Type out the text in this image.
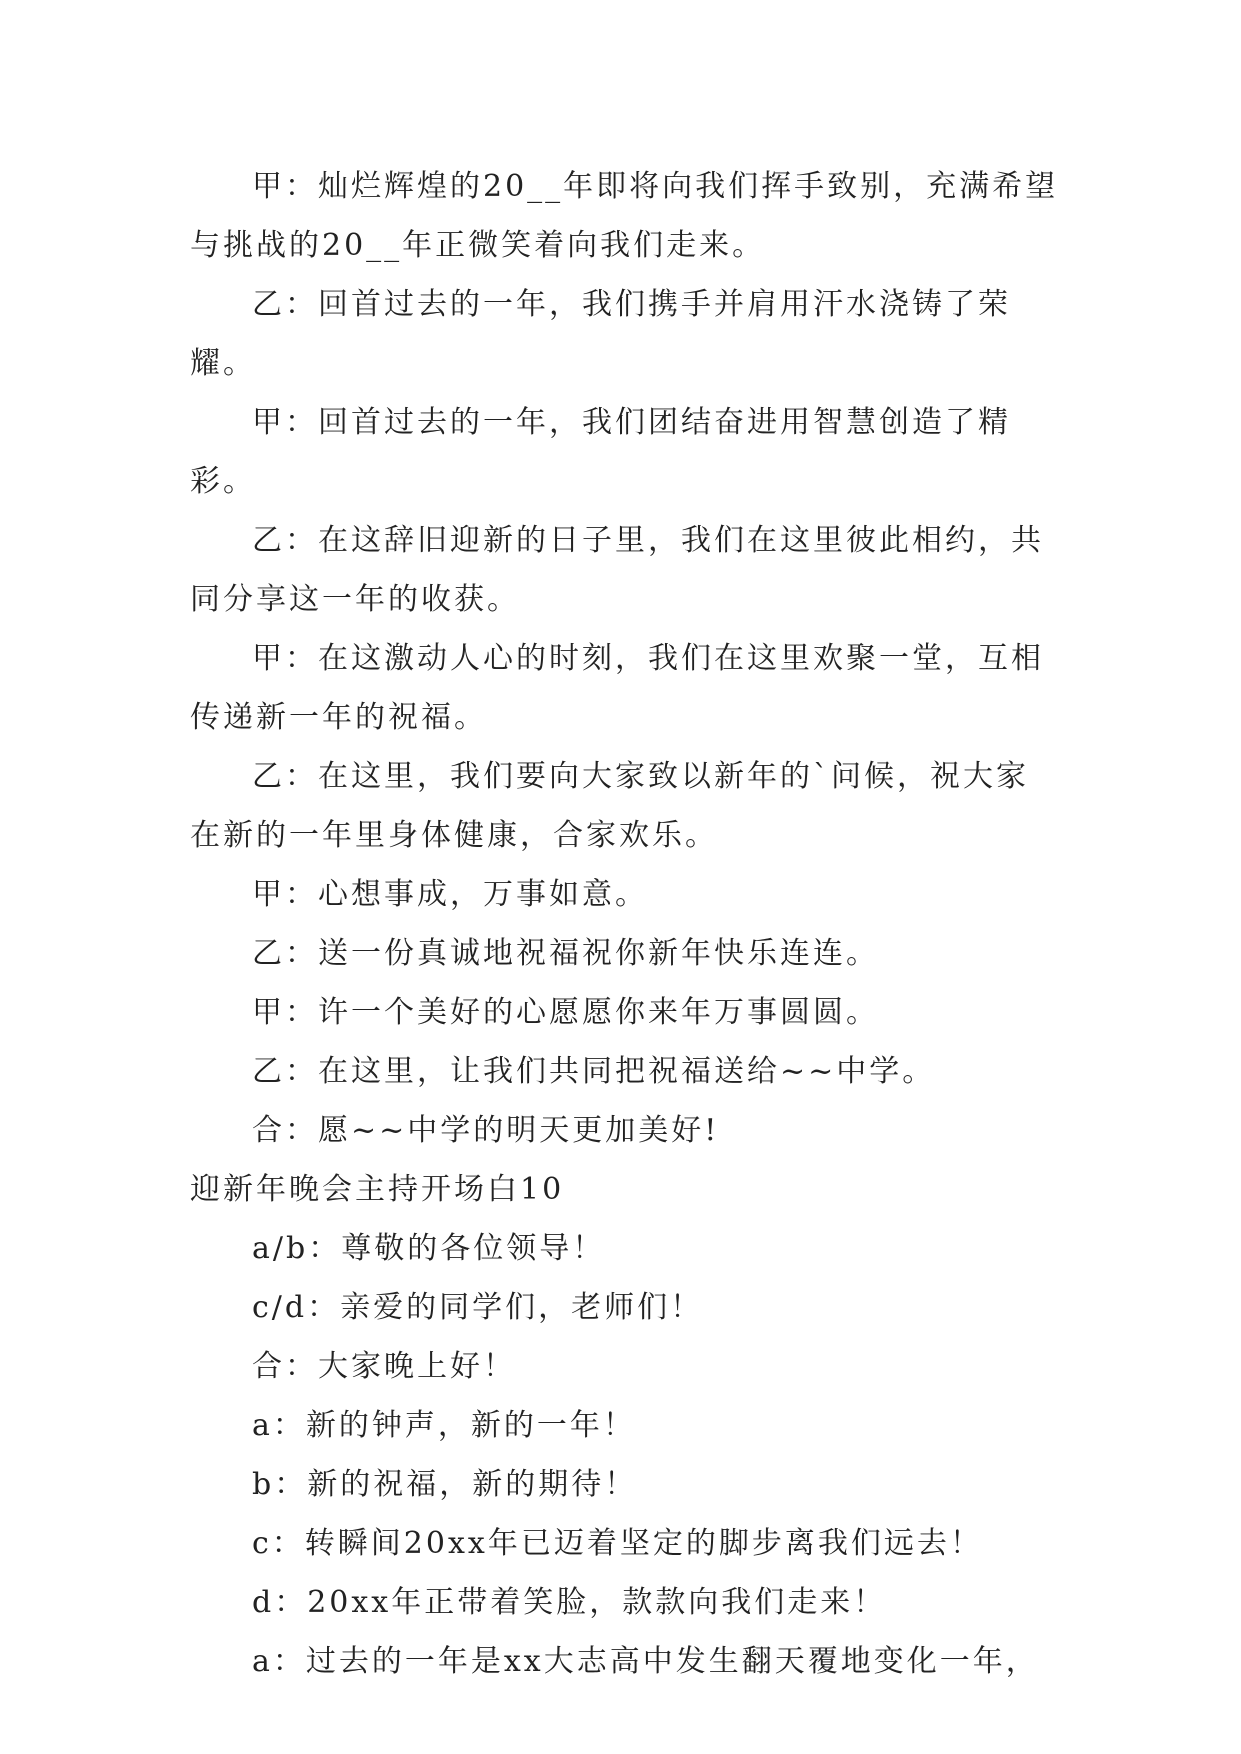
甲：灿烂辉煌的20__年即将向我们挥手致别，充满希望与挑战的20__年正微笑着向我们走来。

乙：回首过去的一年，我们携手并肩用汗水浇铸了荣耀。

甲：回首过去的一年，我们团结奋进用智慧创造了精彩。

乙：在这辞旧迎新的日子里，我们在这里彼此相约，共同分享这一年的收获。

甲：在这激动人心的时刻，我们在这里欢聚一堂，互相传递新一年的祝福。

乙：在这里，我们要向大家致以新年的`问候，祝大家在新的一年里身体健康，合家欢乐。

甲：心想事成，万事如意。

乙：送一份真诚地祝福祝你新年快乐连连。

甲：许一个美好的心愿愿你来年万事圆圆。

乙：在这里，让我们共同把祝福送给~~中学。

合：愿~~中学的明天更加美好!

迎新年晚会主持开场白10

a/b：尊敬的各位领导！

c/d：亲爱的同学们，老师们！

合：大家晚上好！

a：新的钟声，新的一年！

b：新的祝福，新的期待！

c：转瞬间20xx年已迈着坚定的脚步离我们远去！

d：20xx年正带着笑脸，款款向我们走来！

a：过去的一年是xx大志高中发生翻天覆地变化一年，
